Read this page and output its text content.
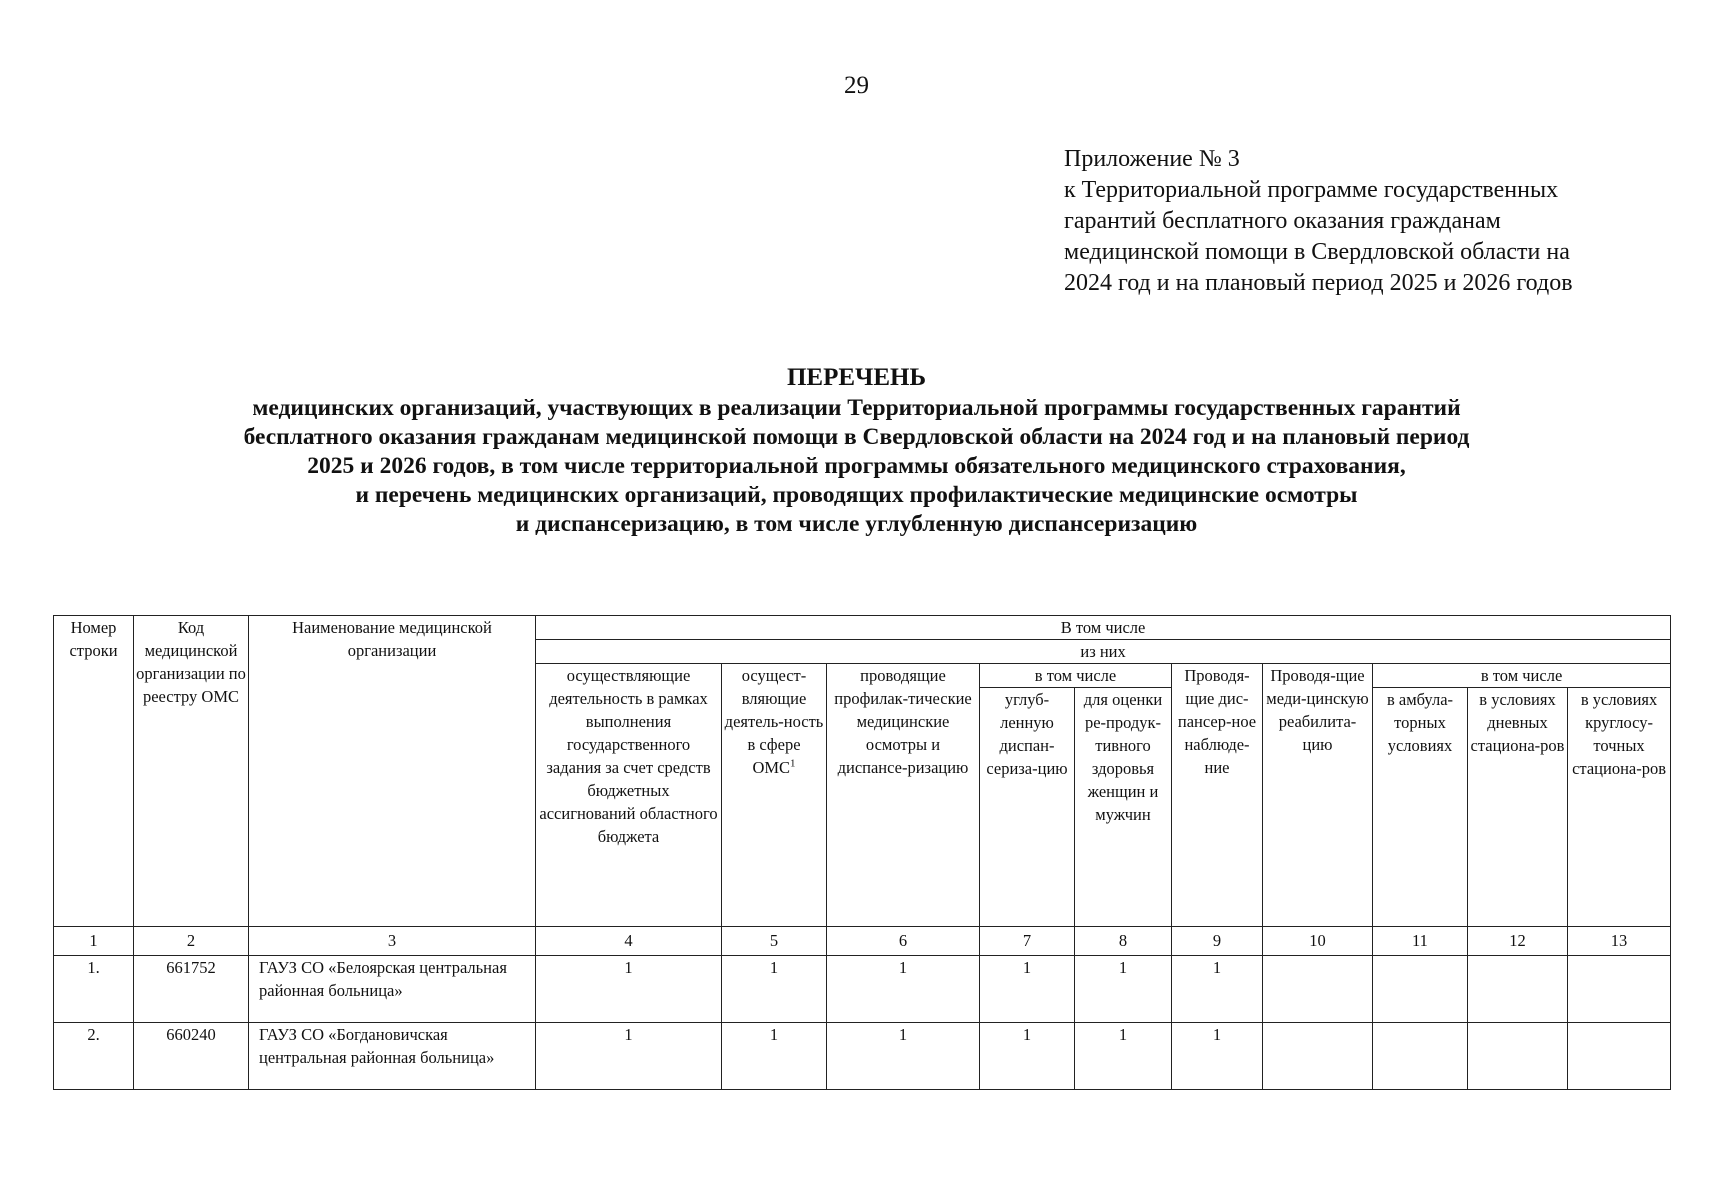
29
Приложение № 3
к Территориальной программе государственных
гарантий бесплатного оказания гражданам
медицинской помощи в Свердловской области на
2024 год и на плановый период 2025 и 2026 годов
ПЕРЕЧЕНЬ
медицинских организаций, участвующих в реализации Территориальной программы государственных гарантий
бесплатного оказания гражданам медицинской помощи в Свердловской области на 2024 год и на плановый период
2025 и 2026 годов, в том числе территориальной программы обязательного медицинского страхования,
и перечень медицинских организаций, проводящих профилактические медицинские осмотры
и диспансеризацию, в том числе углубленную диспансеризацию
Номер строки	Код медицинской организации по реестру ОМС	Наименование медицинской организации	В том числе									
			из них									
			осуществляющие деятельность в рамках выполнения государственного задания за счет средств бюджетных ассигнований областного бюджета	осущест-вляющие деятель-ность в сфере ОМС$^1$	проводящие профилак-тические медицинские осмотры и диспансе-ризацию	в том числе		Проводя-щие дис-пансер-ное наблюде-ние	Проводя-щие меди-цинскую реабилита-цию	в том числе		
						углуб-ленную диспан-сериза-цию	для оценки ре-продук-тивного здоровья женщин и мужчин			в амбула-торных условиях	в условиях дневных стациона-ров	в условиях круглосу-точных стациона-ров
1	2	3	4	5	6	7	8	9	10	11	12	13
1.	661752	ГАУЗ СО «Белоярская центральная районная больница»	1	1	1	1	1	1				
2.	660240	ГАУЗ СО «Богдановичская центральная районная больница»	1	1	1	1	1	1				
